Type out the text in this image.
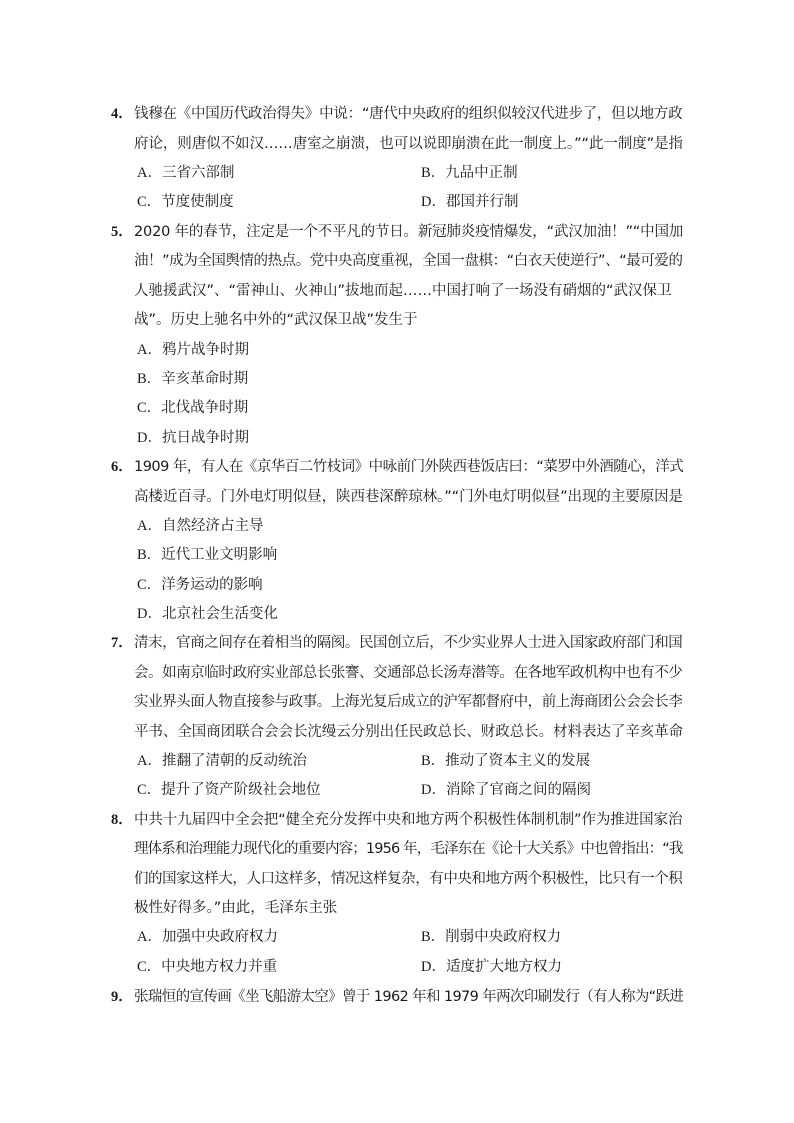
4． 钱穆在《中国历代政治得失》中说：“唐代中央政府的组织似较汉代进步了，但以地方政
府论，则唐似不如汉……唐室之崩溃，也可以说即崩溃在此一制度上。”“此一制度”是指
A．三省六部制	B．九品中正制
C．节度使制度	D．郡国并行制
5． 2020 年的春节，注定是一个不平凡的节日。新冠肺炎疫情爆发，“武汉加油！”“中国加
油！”成为全国舆情的热点。党中央高度重视，全国一盘棋：“白衣天使逆行”、“最可爱的
人驰援武汉”、“雷神山、火神山”拔地而起……中国打响了一场没有硝烟的“武汉保卫
战”。历史上驰名中外的“武汉保卫战”发生于
A．鸦片战争时期
B．辛亥革命时期
C．北伐战争时期
D．抗日战争时期
6． 1909 年，有人在《京华百二竹枝词》中咏前门外陕西巷饭店曰：“菜罗中外酒随心，洋式
高楼近百寻。门外电灯明似昼，陕西巷深醉琼林。”“门外电灯明似昼”出现的主要原因是
A．自然经济占主导
B．近代工业文明影响
C．洋务运动的影响
D．北京社会生活变化
7． 清末，官商之间存在着相当的隔阂。民国创立后，不少实业界人士进入国家政府部门和国
会。如南京临时政府实业部总长张謇、交通部总长汤寿潜等。在各地军政机构中也有不少
实业界头面人物直接参与政事。上海光复后成立的沪军都督府中，前上海商团公会会长李
平书、全国商团联合会会长沈缦云分别出任民政总长、财政总长。材料表达了辛亥革命
A．推翻了清朝的反动统治	B．推动了资本主义的发展
C．提升了资产阶级社会地位	D．消除了官商之间的隔阂
8． 中共十九届四中全会把“健全充分发挥中央和地方两个积极性体制机制”作为推进国家治
理体系和治理能力现代化的重要内容；1956 年，毛泽东在《论十大关系》中也曾指出：“我
们的国家这样大，人口这样多，情况这样复杂，有中央和地方两个积极性，比只有一个积
极性好得多。”由此，毛泽东主张
A．加强中央政府权力	B．削弱中央政府权力
C．中央地方权力并重	D．适度扩大地方权力
9． 张瑞恒的宣传画《坐飞船游太空》曾于 1962 年和 1979 年两次印刷发行（有人称为“跃进
